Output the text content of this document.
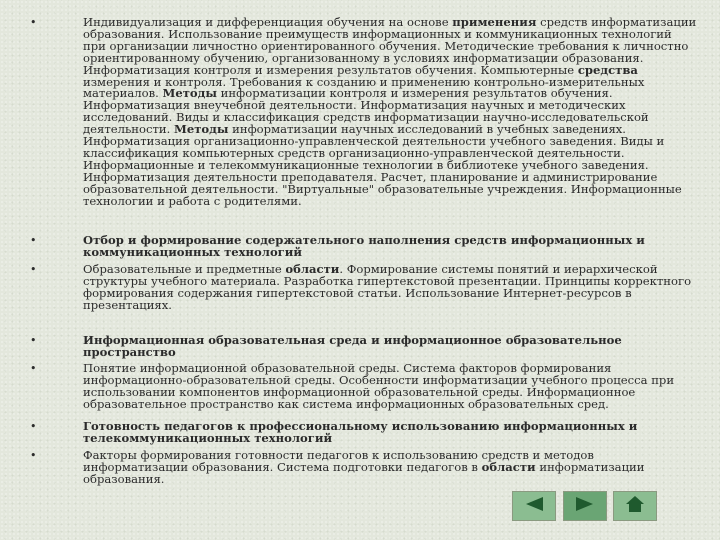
•	Индивидуализация и дифференциация обучения на основе применения средств информатизации образования. Использование преимуществ информационных и коммуникационных технологий при организации личностно ориентированного обучения. Методические требования к личностно ориентированному обучению, организованному в условиях информатизации образования. Информатизация контроля и измерения результатов обучения. Компьютерные средства измерения и контроля. Требования к созданию и применению контрольно-измерительных материалов. Методы информатизации контроля и измерения результатов обучения. Информатизация внеучебной деятельности. Информатизация научных и методических исследований. Виды и классификация средств информатизации научно-исследовательской деятельности. Методы информатизации научных исследований в учебных заведениях. Информатизация организационно-управленческой деятельности учебного заведения. Виды и классификация компьютерных средств организационно-управленческой деятельности. Информационные и телекоммуникационные технологии в библиотеке учебного заведения. Информатизация деятельности преподавателя. Расчет, планирование и администрирование образовательной деятельности. "Виртуальные" образовательные учреждения. Информационные технологии и работа с родителями.
•	Отбор и формирование содержательного наполнения средств информационных и коммуникационных технологий
•	Образовательные и предметные области. Формирование системы понятий и иерархической структуры учебного материала. Разработка гипертекстовой презентации. Принципы корректного формирования содержания гипертекстовой статьи. Использование Интернет-ресурсов в презентациях.
•	Информационная образовательная среда и информационное образовательное пространство
•	Понятие информационной образовательной среды. Система факторов формирования информационно-образовательной среды. Особенности информатизации учебного процесса при использовании компонентов информационной образовательной среды. Информационное образовательное пространство как система информационных образовательных сред.
•	Готовность педагогов к профессиональному использованию информационных и телекоммуникационных технологий
•	Факторы формирования готовности педагогов к использованию средств и методов информатизации образования. Система подготовки педагогов в области информатизации образования.
